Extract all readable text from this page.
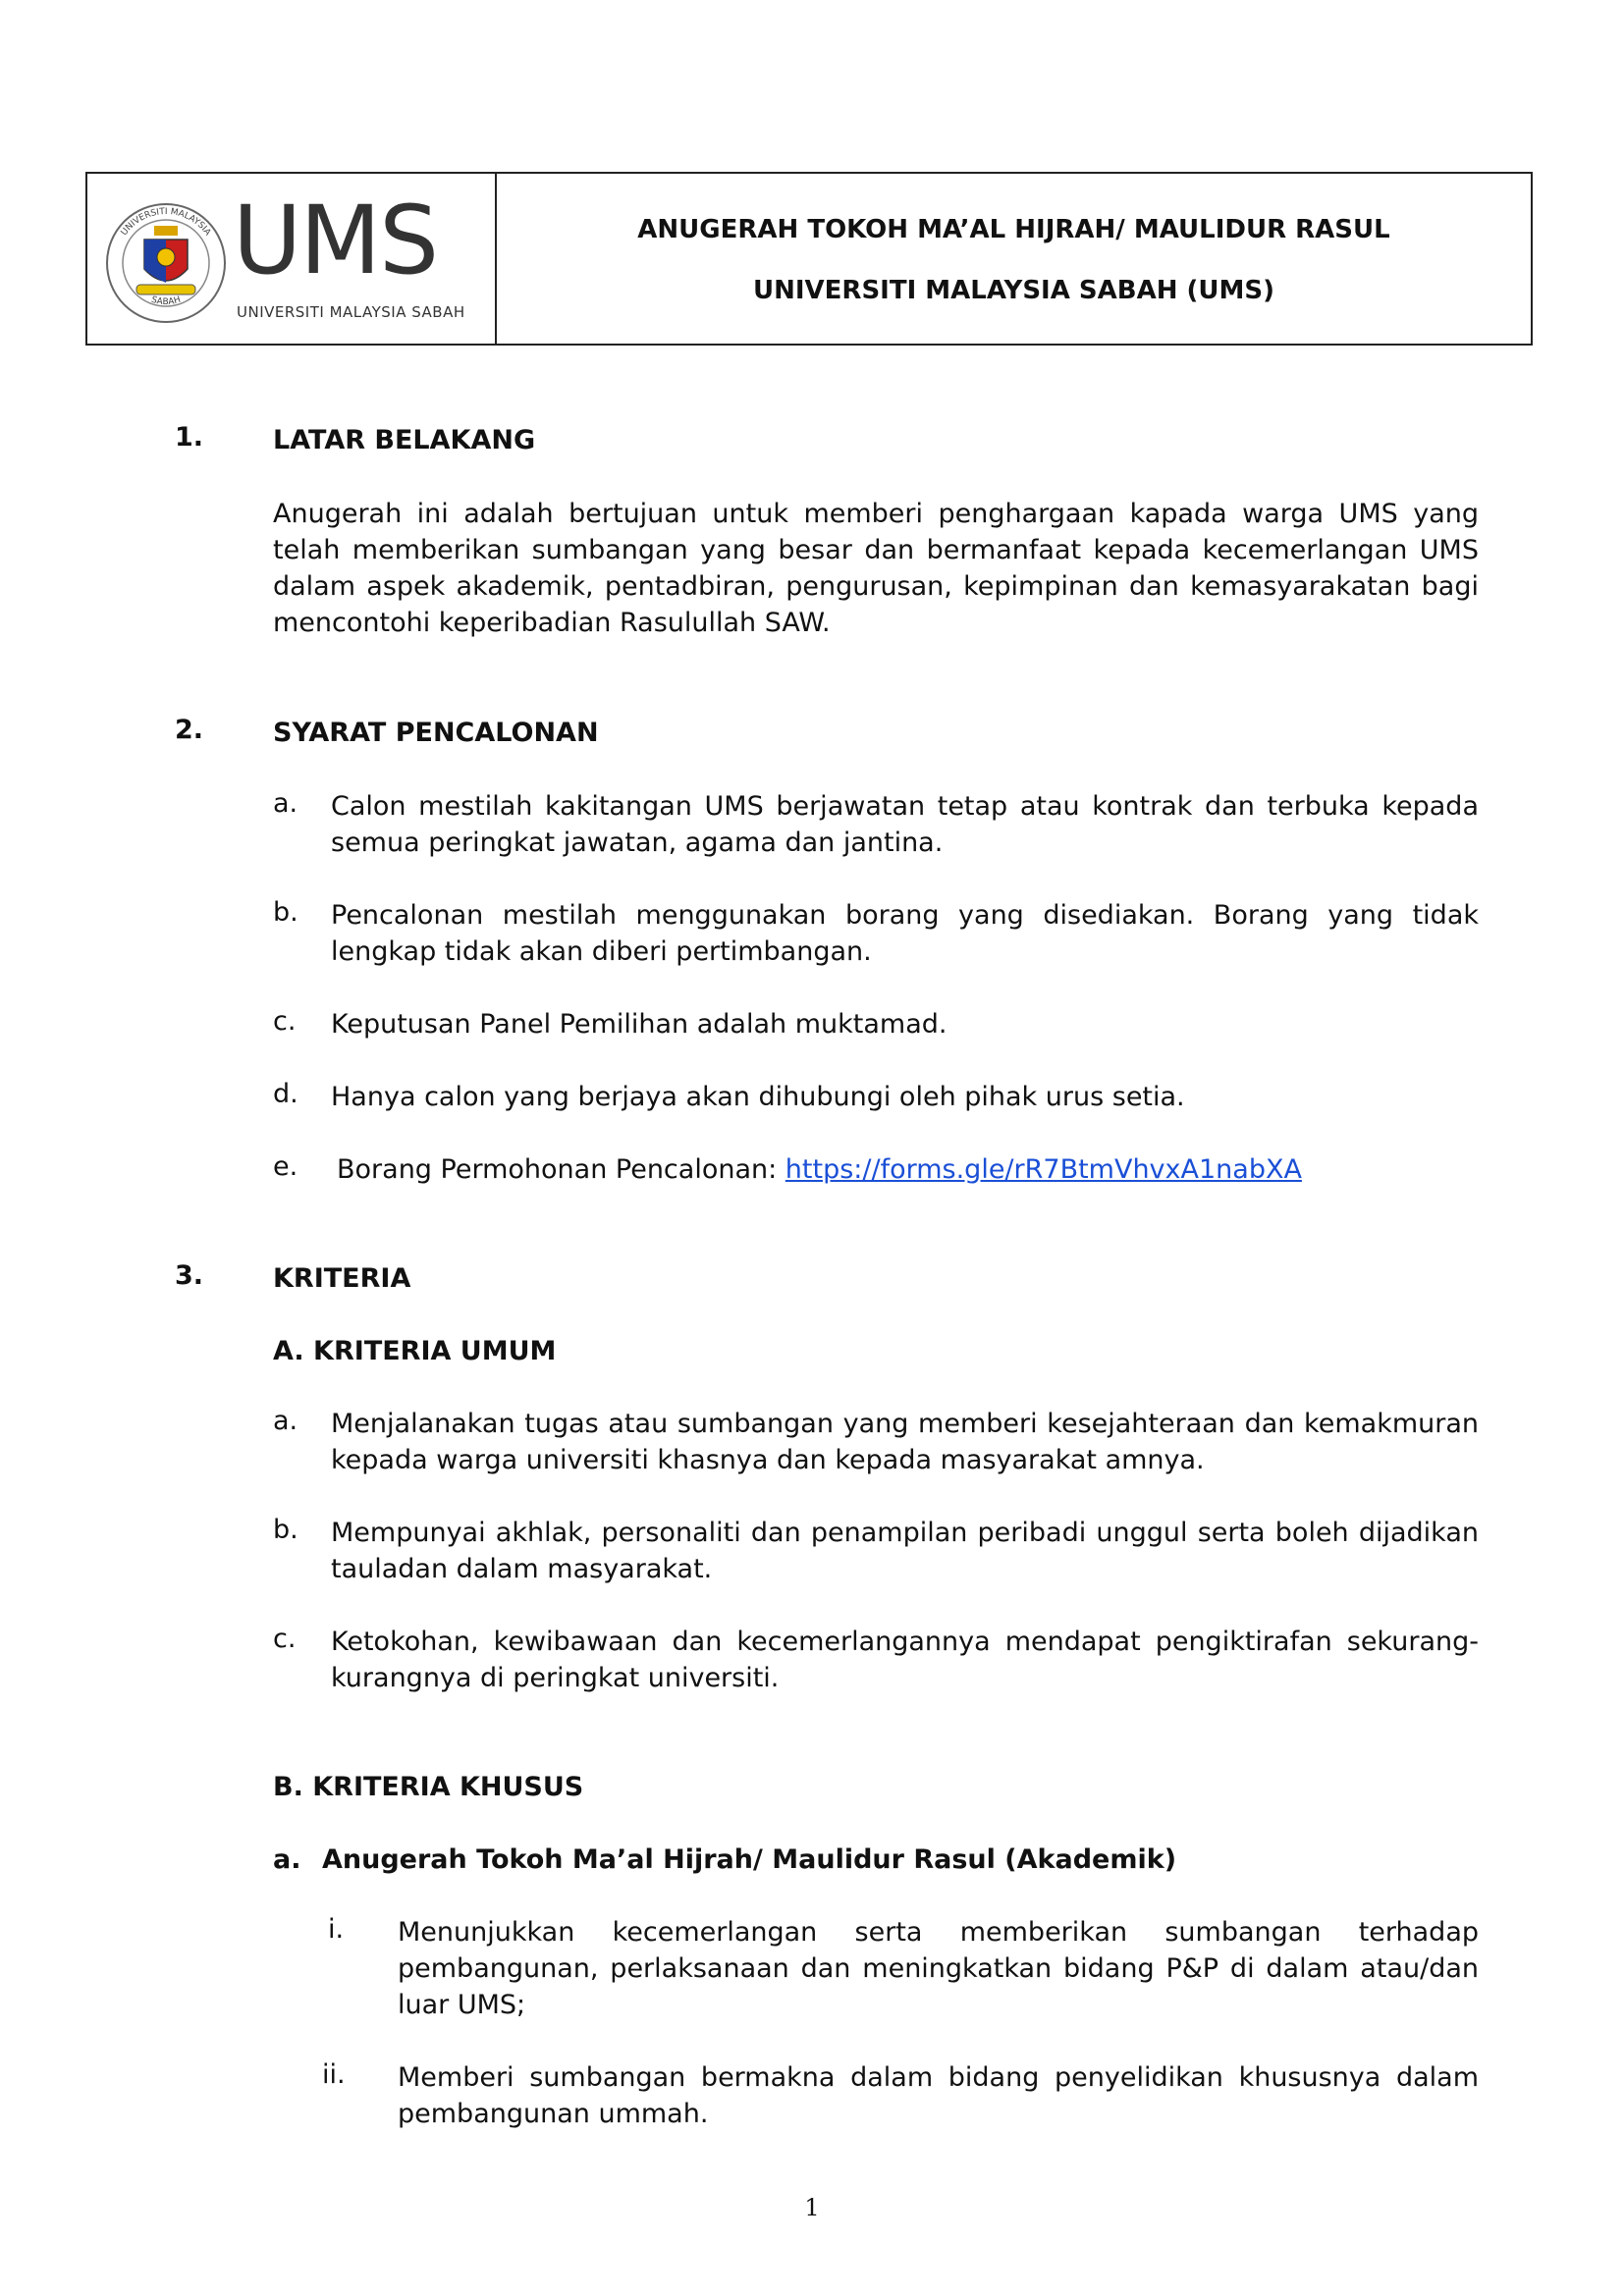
UNIVERSITI MALAYSIA
SABAH
UMS
UNIVERSITI MALAYSIA SABAH
ANUGERAH TOKOH MA’AL HIJRAH/ MAULIDUR RASUL
UNIVERSITI MALAYSIA SABAH (UMS)
1.	LATAR BELAKANG
Anugerah ini adalah bertujuan untuk memberi penghargaan kapada warga UMS yang telah memberikan sumbangan yang besar dan bermanfaat kepada kecemerlangan UMS dalam aspek akademik, pentadbiran, pengurusan, kepimpinan dan kemasyarakatan bagi mencontohi keperibadian Rasulullah SAW.
2.	SYARAT PENCALONAN
a. Calon mestilah kakitangan UMS berjawatan tetap atau kontrak dan terbuka kepada semua peringkat jawatan, agama dan jantina.
b. Pencalonan mestilah menggunakan borang yang disediakan. Borang yang tidak lengkap tidak akan diberi pertimbangan.
c. Keputusan Panel Pemilihan adalah muktamad.
d. Hanya calon yang berjaya akan dihubungi oleh pihak urus setia.
e. Borang Permohonan Pencalonan: https://forms.gle/rR7BtmVhvxA1nabXA
3.	KRITERIA
A. KRITERIA UMUM
a. Menjalanakan tugas atau sumbangan yang memberi kesejahteraan dan kemakmuran kepada warga universiti khasnya dan kepada masyarakat amnya.
b. Mempunyai akhlak, personaliti dan penampilan peribadi unggul serta boleh dijadikan tauladan dalam masyarakat.
c. Ketokohan, kewibawaan dan kecemerlangannya mendapat pengiktirafan sekurang-kurangnya di peringkat universiti.
B. KRITERIA KHUSUS
a. Anugerah Tokoh Ma’al Hijrah/ Maulidur Rasul (Akademik)
i. Menunjukkan kecemerlangan serta memberikan sumbangan terhadap pembangunan, perlaksanaan dan meningkatkan bidang P&P di dalam atau/dan luar UMS;
ii. Memberi sumbangan bermakna dalam bidang penyelidikan khususnya dalam pembangunan ummah.
1
